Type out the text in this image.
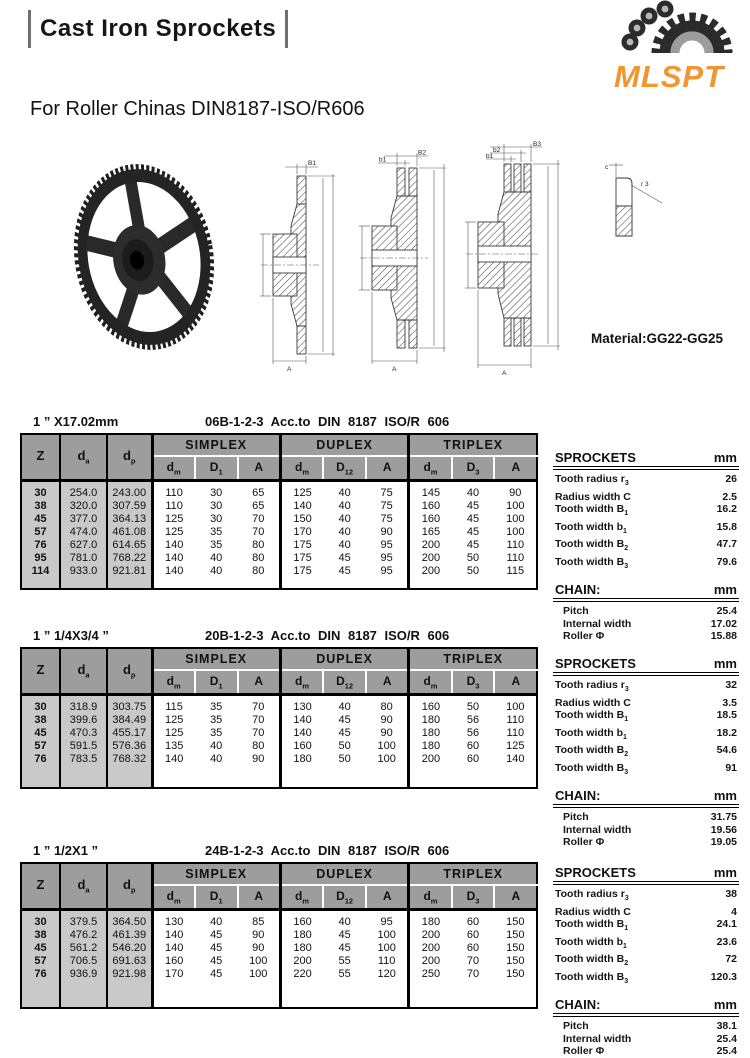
Cast Iron Sprockets
MLSPT
For Roller Chinas DIN8187-ISO/R606
B1
A
B2
b1
A
B3
b2
b1
A
c
r 3
Material:GG22-GG25
1 ” X17.02mm	06B-1-2-3 Acc.to DIN 8187 ISO/R 606
Z	$d_a$	$d_p$	SIMPLEX			DUPLEX			TRIPLEX		
			$d_m$	$D_1$	A	$d_m$	$D_{12}$	A	$d_m$	$D_3$	A
30	254.0	243.00	110	30	65	125	40	75	145	40	90
38	320.0	307.59	110	30	65	140	40	75	160	45	100
45	377.0	364.13	125	30	70	150	40	75	160	45	100
57	474.0	461.08	125	35	70	170	40	90	165	45	100
76	627.0	614.65	140	35	80	175	40	95	200	45	110
95	781.0	768.22	140	40	80	175	45	95	200	50	110
114	933.0	921.81	140	40	80	175	45	95	200	50	115

SPROCKETS	mm
Tooth radius $r_3$	26
Radius width C	2.5
Tooth width $B_1$	16.2
Tooth width $b_1$	15.8
Tooth width $B_2$	47.7
Tooth width $B_3$	79.6
CHAIN:	mm
Pitch	25.4
Internal width	17.02
Roller Φ	15.88
1 ” 1/4X3/4 ”	20B-1-2-3 Acc.to DIN 8187 ISO/R 606
Z	$d_a$	$d_p$	SIMPLEX			DUPLEX			TRIPLEX		
			$d_m$	$D_1$	A	$d_m$	$D_{12}$	A	$d_m$	$D_3$	A
30	318.9	303.75	115	35	70	130	40	80	160	50	100
38	399.6	384.49	125	35	70	140	45	90	180	56	110
45	470.3	455.17	125	35	70	140	45	90	180	56	110
57	591.5	576.36	135	40	80	160	50	100	180	60	125
76	783.5	768.32	140	40	90	180	50	100	200	60	140

SPROCKETS	mm
Tooth radius $r_3$	32
Radius width C	3.5
Tooth width $B_1$	18.5
Tooth width $b_1$	18.2
Tooth width $B_2$	54.6
Tooth width $B_3$	91
CHAIN:	mm
Pitch	31.75
Internal width	19.56
Roller Φ	19.05
1 ” 1/2X1 ”	24B-1-2-3 Acc.to DIN 8187 ISO/R 606
Z	$d_a$	$d_p$	SIMPLEX			DUPLEX			TRIPLEX		
			$d_m$	$D_1$	A	$d_m$	$D_{12}$	A	$d_m$	$D_3$	A
30	379.5	364.50	130	40	85	160	40	95	180	60	150
38	476.2	461.39	140	45	90	180	45	100	200	60	150
45	561.2	546.20	140	45	90	180	45	100	200	60	150
57	706.5	691.63	160	45	100	200	55	110	200	70	150
76	936.9	921.98	170	45	100	220	55	120	250	70	150

SPROCKETS	mm
Tooth radius $r_3$	38
Radius width C	4
Tooth width $B_1$	24.1
Tooth width $b_1$	23.6
Tooth width $B_2$	72
Tooth width $B_3$	120.3
CHAIN:	mm
Pitch	38.1
Internal width	25.4
Roller Φ	25.4
